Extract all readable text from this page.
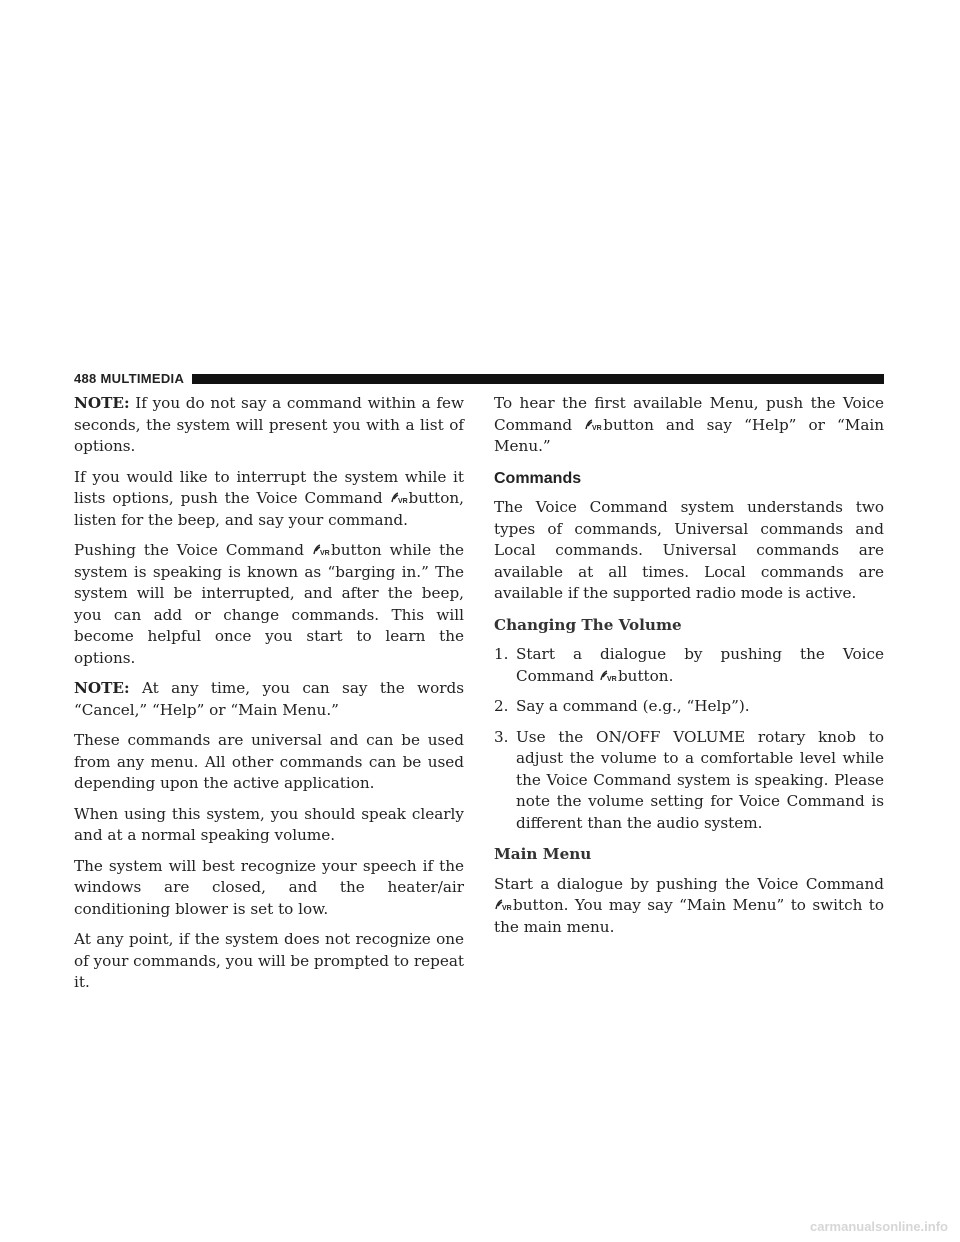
488 MULTIMEDIA

NOTE: If you do not say a command within a few seconds, the system will present you with a list of options.

If you would like to interrupt the system while it lists options, push the Voice Command VR button, listen for the beep, and say your command.

Pushing the Voice Command VR button while the system is speaking is known as “barging in.” The system will be interrupted, and after the beep, you can add or change commands. This will become helpful once you start to learn the options.

NOTE: At any time, you can say the words “Cancel,” “Help” or “Main Menu.”

These commands are universal and can be used from any menu. All other commands can be used depending upon the active application.

When using this system, you should speak clearly and at a normal speaking volume.

The system will best recognize your speech if the windows are closed, and the heater/air conditioning blower is set to low.

At any point, if the system does not recognize one of your commands, you will be prompted to repeat it.

To hear the first available Menu, push the Voice Command VR button and say “Help” or “Main Menu.”

Commands

The Voice Command system understands two types of commands, Universal commands and Local commands. Universal commands are available at all times. Local commands are available if the supported radio mode is active.

Changing The Volume
1. Start a dialogue by pushing the Voice Command VR button.
2. Say a command (e.g., “Help”).
3. Use the ON/OFF VOLUME rotary knob to adjust the volume to a comfortable level while the Voice Command system is speaking. Please note the volume setting for Voice Command is different than the audio system.
Main Menu

Start a dialogue by pushing the Voice Command
VR button. You may say “Main Menu” to switch to the main menu.

carmanualsonline.info
